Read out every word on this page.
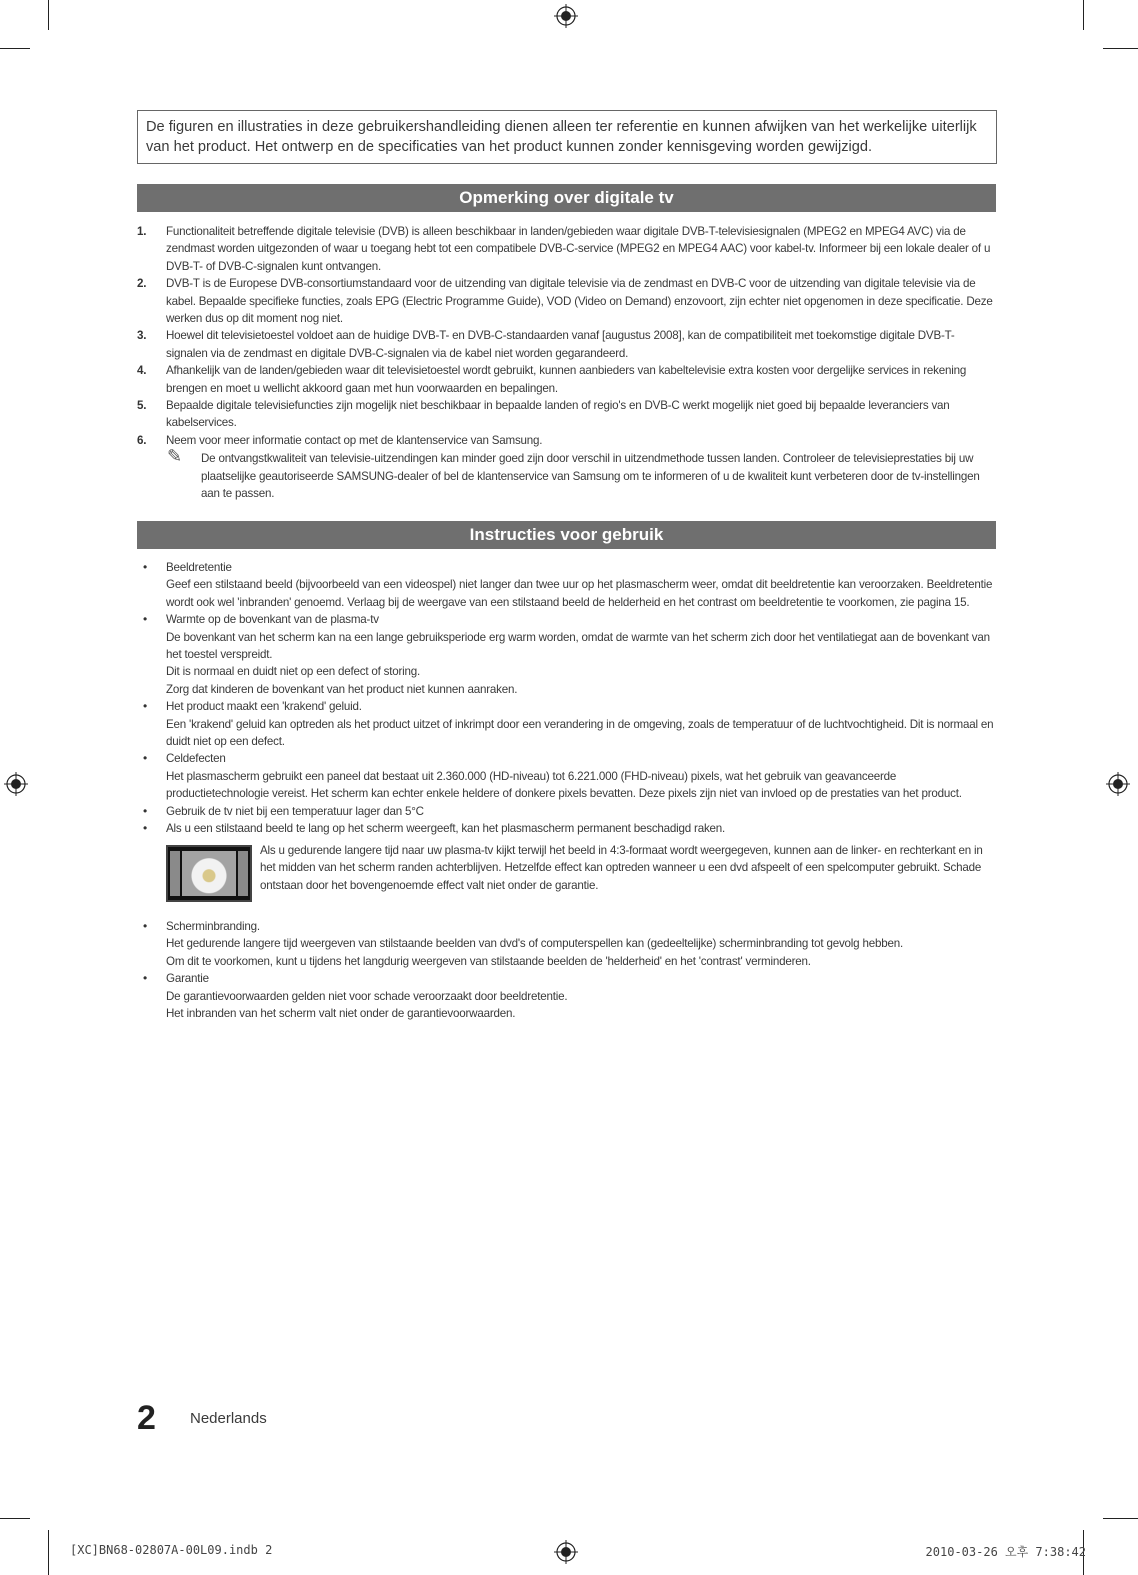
De figuren en illustraties in deze gebruikershandleiding dienen alleen ter referentie en kunnen afwijken van het werkelijke uiterlijk van het product. Het ontwerp en de specificaties van het product kunnen zonder kennisgeving worden gewijzigd.
Opmerking over digitale tv
1. Functionaliteit betreffende digitale televisie (DVB) is alleen beschikbaar in landen/gebieden waar digitale DVB-T-televisiesignalen (MPEG2 en MPEG4 AVC) via de zendmast worden uitgezonden of waar u toegang hebt tot een compatibele DVB-C-service (MPEG2 en MPEG4 AAC) voor kabel-tv. Informeer bij een lokale dealer of u DVB-T- of DVB-C-signalen kunt ontvangen.
2. DVB-T is de Europese DVB-consortiumstandaard voor de uitzending van digitale televisie via de zendmast en DVB-C voor de uitzending van digitale televisie via de kabel. Bepaalde specifieke functies, zoals EPG (Electric Programme Guide), VOD (Video on Demand) enzovoort, zijn echter niet opgenomen in deze specificatie. Deze werken dus op dit moment nog niet.
3. Hoewel dit televisietoestel voldoet aan de huidige DVB-T- en DVB-C-standaarden vanaf [augustus 2008], kan de compatibiliteit met toekomstige digitale DVB-T-signalen via de zendmast en digitale DVB-C-signalen via de kabel niet worden gegarandeerd.
4. Afhankelijk van de landen/gebieden waar dit televisietoestel wordt gebruikt, kunnen aanbieders van kabeltelevisie extra kosten voor dergelijke services in rekening brengen en moet u wellicht akkoord gaan met hun voorwaarden en bepalingen.
5. Bepaalde digitale televisiefuncties zijn mogelijk niet beschikbaar in bepaalde landen of regio's en DVB-C werkt mogelijk niet goed bij bepaalde leveranciers van kabelservices.
6. Neem voor meer informatie contact op met de klantenservice van Samsung.
✎ De ontvangstkwaliteit van televisie-uitzendingen kan minder goed zijn door verschil in uitzendmethode tussen landen. Controleer de televisieprestaties bij uw plaatselijke geautoriseerde SAMSUNG-dealer of bel de klantenservice van Samsung om te informeren of u de kwaliteit kunt verbeteren door de tv-instellingen aan te passen.
Instructies voor gebruik
• Beeldretentie
Geef een stilstaand beeld (bijvoorbeeld van een videospel) niet langer dan twee uur op het plasmascherm weer, omdat dit beeldretentie kan veroorzaken. Beeldretentie wordt ook wel 'inbranden' genoemd. Verlaag bij de weergave van een stilstaand beeld de helderheid en het contrast om beeldretentie te voorkomen, zie pagina 15.
• Warmte op de bovenkant van de plasma-tv
De bovenkant van het scherm kan na een lange gebruiksperiode erg warm worden, omdat de warmte van het scherm zich door het ventilatiegat aan de bovenkant van het toestel verspreidt.
Dit is normaal en duidt niet op een defect of storing.
Zorg dat kinderen de bovenkant van het product niet kunnen aanraken.
• Het product maakt een 'krakend' geluid.
Een 'krakend' geluid kan optreden als het product uitzet of inkrimpt door een verandering in de omgeving, zoals de temperatuur of de luchtvochtigheid. Dit is normaal en duidt niet op een defect.
• Celdefecten
Het plasmascherm gebruikt een paneel dat bestaat uit 2.360.000 (HD-niveau) tot 6.221.000 (FHD-niveau) pixels, wat het gebruik van geavanceerde productietechnologie vereist. Het scherm kan echter enkele heldere of donkere pixels bevatten. Deze pixels zijn niet van invloed op de prestaties van het product.
• Gebruik de tv niet bij een temperatuur lager dan 5°C
• Als u een stilstaand beeld te lang op het scherm weergeeft, kan het plasmascherm permanent beschadigd raken.
Als u gedurende langere tijd naar uw plasma-tv kijkt terwijl het beeld in 4:3-formaat wordt weergegeven, kunnen aan de linker- en rechterkant en in het midden van het scherm randen achterblijven. Hetzelfde effect kan optreden wanneer u een dvd afspeelt of een spelcomputer gebruikt. Schade ontstaan door het bovengenoemde effect valt niet onder de garantie.
• Scherminbranding.
Het gedurende langere tijd weergeven van stilstaande beelden van dvd's of computerspellen kan (gedeeltelijke) scherminbranding tot gevolg hebben.
Om dit te voorkomen, kunt u tijdens het langdurig weergeven van stilstaande beelden de 'helderheid' en het 'contrast' verminderen.
• Garantie
De garantievoorwaarden gelden niet voor schade veroorzaakt door beeldretentie.
Het inbranden van het scherm valt niet onder de garantievoorwaarden.
2 Nederlands
[XC]BN68-02807A-00L09.indb 2	2010-03-26 오후 7:38:42
